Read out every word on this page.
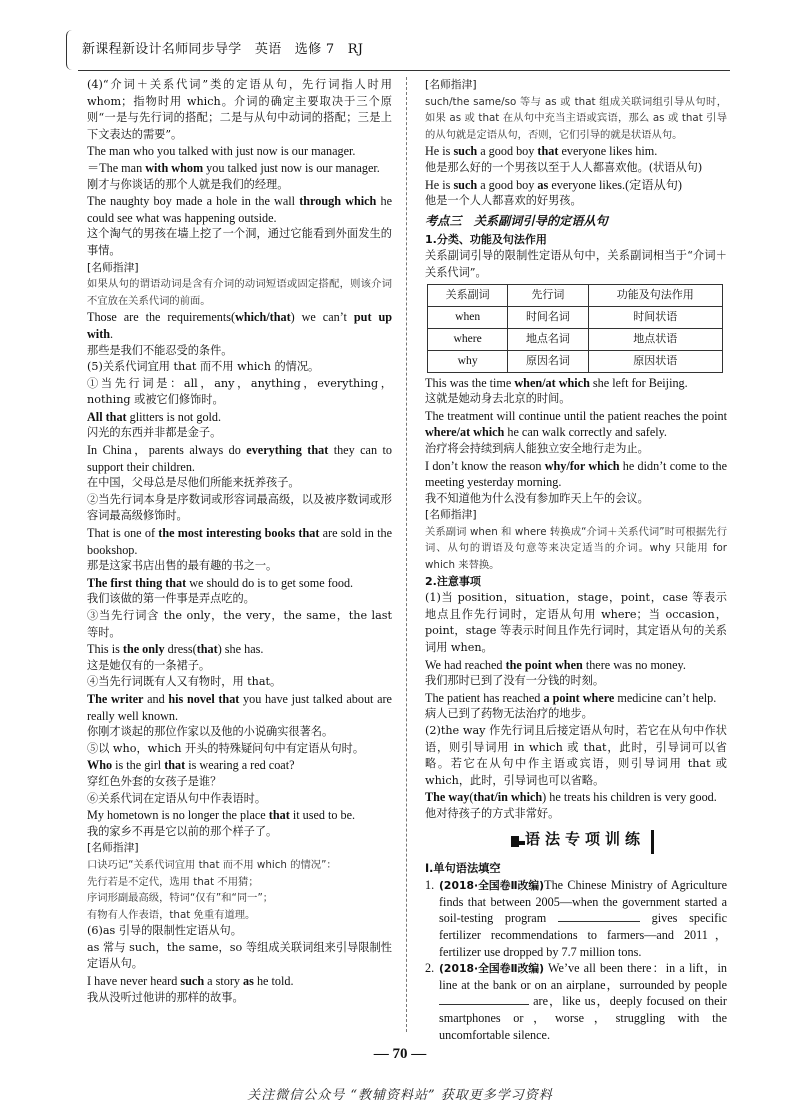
新课程新设计名师同步导学　英语　选修 7　RJ

(4)“介词＋关系代词”类的定语从句，先行词指人时用 whom；指物时用 which。介词的确定主要取决于三个原则“一是与先行词的搭配；二是与从句中动词的搭配；三是上下文表达的需要”。

The man who you talked with just now is our manager.

＝The man with whom you talked just now is our manager.

刚才与你谈话的那个人就是我们的经理。

The naughty boy made a hole in the wall through which he could see what was happening outside.

这个淘气的男孩在墙上挖了一个洞，通过它能看到外面发生的事情。

[名师指津]

如果从句的谓语动词是含有介词的动词短语或固定搭配，则该介词不宜放在关系代词的前面。

Those are the requirements(which/that) we can’t put up with.

那些是我们不能忍受的条件。

(5)关系代词宜用 that 而不用 which 的情况。

①当先行词是：all，any，anything，everything，nothing 或被它们修饰时。

All that glitters is not gold.

闪光的东西并非都是金子。

In China，parents always do everything that they can to support their children.

在中国，父母总是尽他们所能来抚养孩子。

②当先行词本身是序数词或形容词最高级，以及被序数词或形容词最高级修饰时。

That is one of the most interesting books that are sold in the bookshop.

那是这家书店出售的最有趣的书之一。

The first thing that we should do is to get some food.

我们该做的第一件事是弄点吃的。

③当先行词含 the only，the very，the same，the last 等时。

This is the only dress(that) she has.

这是她仅有的一条裙子。

④当先行词既有人又有物时，用 that。

The writer and his novel that you have just talked about are really well known.

你刚才谈起的那位作家以及他的小说确实很著名。

⑤以 who，which 开头的特殊疑问句中有定语从句时。

Who is the girl that is wearing a red coat?

穿红色外套的女孩子是谁？

⑥关系代词在定语从句中作表语时。

My hometown is no longer the place that it used to be.

我的家乡不再是它以前的那个样子了。

[名师指津]

口诀巧记“关系代词宜用 that 而不用 which 的情况”：

先行若是不定代，选用 that 不用猜；

序词形副最高级，特词“仅有”和“同一”；

有物有人作表语，that 免重有道理。

(6)as 引导的限制性定语从句。

as 常与 such，the same，so 等组成关联词组来引导限制性定语从句。

I have never heard such a story as he told.

我从没听过他讲的那样的故事。

[名师指津]

such/the same/so 等与 as 或 that 组成关联词组引导从句时，如果 as 或 that 在从句中充当主语或宾语，那么 as 或 that 引导的从句就是定语从句，否则，它们引导的就是状语从句。

He is such a good boy that everyone likes him.

他是那么好的一个男孩以至于人人都喜欢他。(状语从句)

He is such a good boy as everyone likes.(定语从句)

他是一个人人都喜欢的好男孩。

考点三　关系副词引导的定语从句
1.分类、功能及句法作用

关系副词引导的限制性定语从句中，关系副词相当于“介词＋关系代词”。

关系副词	先行词	功能及句法作用
when	时间名词	时间状语
where	地点名词	地点状语
why	原因名词	原因状语

This was the time when/at which she left for Beijing.

这就是她动身去北京的时间。

The treatment will continue until the patient reaches the point where/at which he can walk correctly and safely.

治疗将会持续到病人能独立安全地行走为止。

I don’t know the reason why/for which he didn’t come to the meeting yesterday morning.

我不知道他为什么没有参加昨天上午的会议。

[名师指津]

关系副词 when 和 where 转换成“介词＋关系代词”时可根据先行词、从句的谓语及句意等来决定适当的介词。why 只能用 for which 来替换。

2.注意事项

(1)当 position，situation，stage，point，case 等表示地点且作先行词时，定语从句用 where；当 occasion，point，stage 等表示时间且作先行词时，其定语从句的关系词用 when。

We had reached the point when there was no money.

我们那时已到了没有一分钱的时刻。

The patient has reached a point where medicine can’t help.

病人已到了药物无法治疗的地步。

(2)the way 作先行词且后接定语从句时，若它在从句中作状语，则引导词用 in which 或 that，此时，引导词可以省略。若它在从句中作主语或宾语，则引导词用 that 或 which，此时，引导词也可以省略。

The way(that/in which) he treats his children is very good.

他对待孩子的方式非常好。

语法专项训练
Ⅰ.单句语法填空

1. (2018·全国卷Ⅱ改编)The Chinese Ministry of Agriculture finds that between 2005—when the government started a soil-testing program	gives specific fertilizer recommendations to farmers—and 2011，fertilizer use dropped by 7.7 million tons.

2. (2018·全国卷Ⅱ改编) We’ve all been there：in a lift，in line at the bank or on an airplane，surrounded by people  are，like us，deeply focused on their smartphones or，worse，struggling with the uncomfortable silence.

— 70 —
关注微信公众号 “教辅资料站” 获取更多学习资料
